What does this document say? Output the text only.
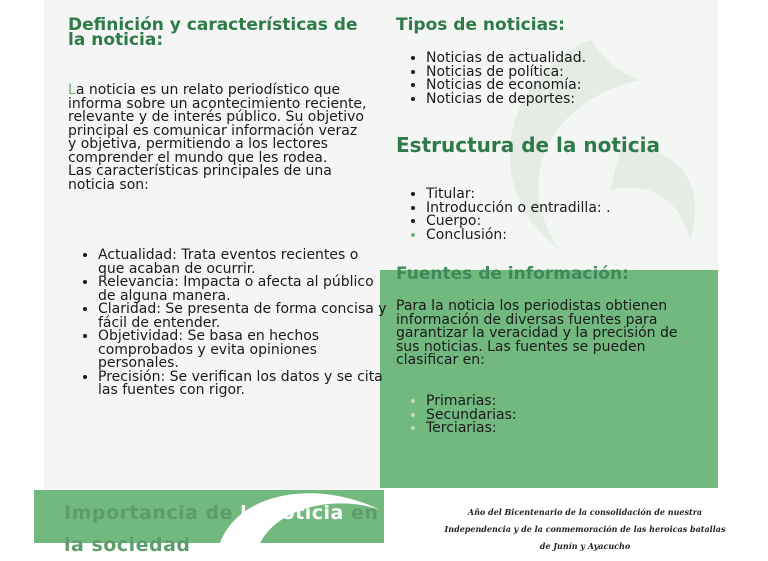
Definición y características de la noticia:

La noticia es un relato periodístico que informa sobre un acontecimiento reciente, relevante y de interés público. Su objetivo principal es comunicar información veraz y objetiva, permitiendo a los lectores comprender el mundo que les rodea.

Las características principales de una noticia son:

• Actualidad: Trata eventos recientes o que acaban de ocurrir.
• Relevancia: Impacta o afecta al público de alguna manera.
• Claridad: Se presenta de forma concisa y fácil de entender.
• Objetividad: Se basa en hechos comprobados y evita opiniones personales.
• Precisión: Se verifican los datos y se cita las fuentes con rigor.
Tipos de noticias:
• Noticias de actualidad.
• Noticias de política:
• Noticias de economía:
• Noticias de deportes:
Estructura de la noticia
• Titular:
• Introducción o entradilla: .
• Cuerpo:
• Conclusión:
Fuentes de información:

Para la noticia los periodistas obtienen información de diversas fuentes para garantizar la veracidad y la precisión de sus noticias. Las fuentes se pueden clasificar en:

• Primarias:
• Secundarias:
• Terciarias:
Importancia de la noticia en la sociedad
Año del Bicentenario de la consolidación de nuestra
Independencia y de la conmemoración de las heroicas batallas
de Junín y Ayacucho
